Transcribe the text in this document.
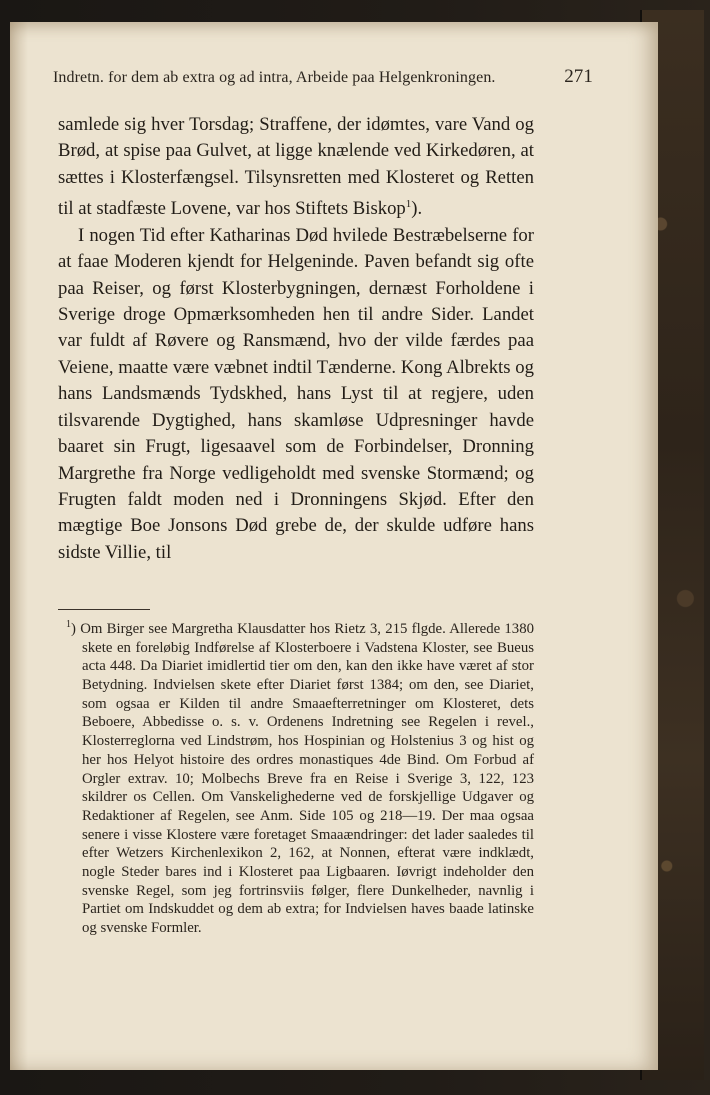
Indretn. for dem ab extra og ad intra, Arbeide paa Helgenkroningen.	271

samlede sig hver Torsdag; Straffene, der idømtes, vare Vand og Brød, at spise paa Gulvet, at ligge knælende ved Kirkedøren, at sættes i Klosterfængsel. Tilsynsretten med Klosteret og Retten til at stadfæste Lovene, var hos Stiftets Biskop$^1$).

I nogen Tid efter Katharinas Død hvilede Bestræbelserne for at faae Moderen kjendt for Helgeninde. Paven befandt sig ofte paa Reiser, og først Klosterbygningen, dernæst Forholdene i Sverige droge Opmærksomheden hen til andre Sider. Landet var fuldt af Røvere og Ransmænd, hvo der vilde færdes paa Veiene, maatte være væbnet indtil Tænderne. Kong Albrekts og hans Landsmænds Tydskhed, hans Lyst til at regjere, uden tilsvarende Dygtighed, hans skamløse Udpresninger havde baaret sin Frugt, ligesaavel som de Forbindelser, Dronning Margrethe fra Norge vedligeholdt med svenske Stormænd; og Frugten faldt moden ned i Dronningens Skjød. Efter den mægtige Boe Jonsons Død grebe de, der skulde udføre hans sidste Villie, til

$^1$) Om Birger see Margretha Klausdatter hos Rietz 3, 215 flgde. Allerede 1380 skete en foreløbig Indførelse af Klosterboere i Vadstena Kloster, see Bueus acta 448. Da Diariet imidlertid tier om den, kan den ikke have været af stor Betydning. Indvielsen skete efter Diariet først 1384; om den, see Diariet, som ogsaa er Kilden til andre Smaaefterretninger om Klosteret, dets Beboere, Abbedisse o. s. v. Ordenens Indretning see Regelen i revel., Klosterreglorna ved Lindstrøm, hos Hospinian og Holstenius 3 og hist og her hos Helyot histoire des ordres monastiques 4de Bind. Om Forbud af Orgler extrav. 10; Molbechs Breve fra en Reise i Sverige 3, 122, 123 skildrer os Cellen. Om Vanskelighederne ved de forskjellige Udgaver og Redaktioner af Regelen, see Anm. Side 105 og 218—19. Der maa ogsaa senere i visse Klostere være foretaget Smaaændringer: det lader saaledes til efter Wetzers Kirchenlexikon 2, 162, at Nonnen, efterat være indklædt, nogle Steder bares ind i Klosteret paa Ligbaaren. Iøvrigt indeholder den svenske Regel, som jeg fortrinsviis følger, flere Dunkelheder, navnlig i Partiet om Indskuddet og dem ab extra; for Indvielsen haves baade latinske og svenske Formler.
